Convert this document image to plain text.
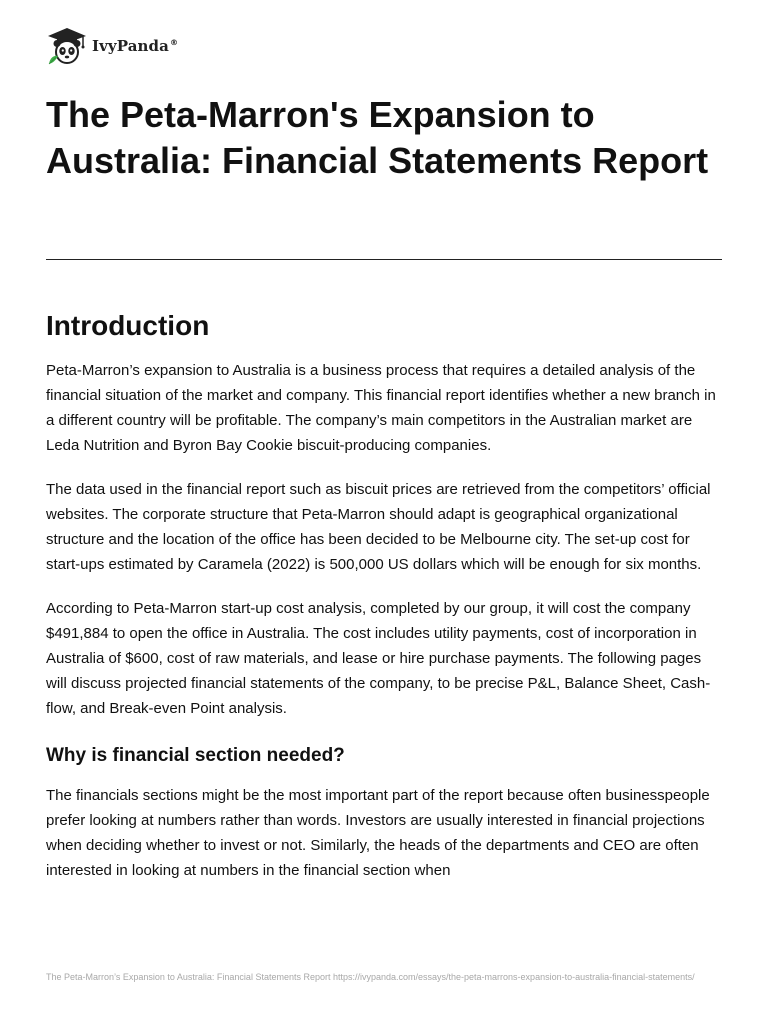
IvyPanda®
The Peta-Marron's Expansion to Australia: Financial Statements Report
Introduction

Peta-Marron’s expansion to Australia is a business process that requires a detailed analysis of the financial situation of the market and company. This financial report identifies whether a new branch in a different country will be profitable. The company’s main competitors in the Australian market are Leda Nutrition and Byron Bay Cookie biscuit-producing companies.

The data used in the financial report such as biscuit prices are retrieved from the competitors’ official websites. The corporate structure that Peta-Marron should adapt is geographical organizational structure and the location of the office has been decided to be Melbourne city. The set-up cost for start-ups estimated by Caramela (2022) is 500,000 US dollars which will be enough for six months.

According to Peta-Marron start-up cost analysis, completed by our group, it will cost the company $491,884 to open the office in Australia. The cost includes utility payments, cost of incorporation in Australia of $600, cost of raw materials, and lease or hire purchase payments. The following pages will discuss projected financial statements of the company, to be precise P&L, Balance Sheet, Cash-flow, and Break-even Point analysis.

Why is financial section needed?

The financials sections might be the most important part of the report because often businesspeople prefer looking at numbers rather than words. Investors are usually interested in financial projections when deciding whether to invest or not. Similarly, the heads of the departments and CEO are often interested in looking at numbers in the financial section when

The Peta-Marron’s Expansion to Australia: Financial Statements Report https://ivypanda.com/essays/the-peta-marrons-expansion-to-australia-financial-statements/
